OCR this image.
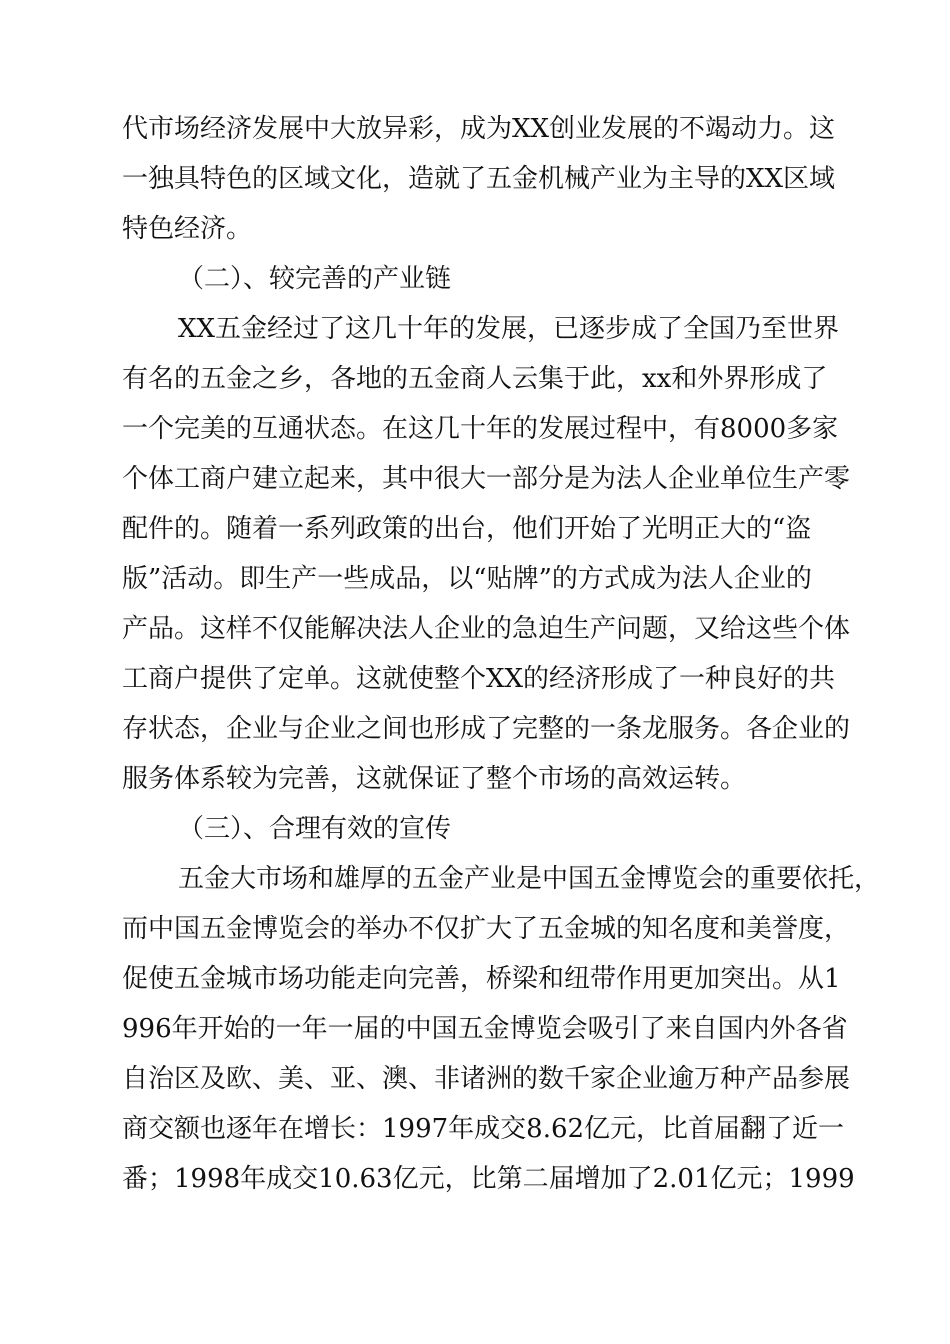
代市场经济发展中大放异彩，成为XX创业发展的不竭动力。这
一独具特色的区域文化，造就了五金机械产业为主导的XX区域
特色经济。
（二）、较完善的产业链
XX五金经过了这几十年的发展，已逐步成了全国乃至世界
有名的五金之乡，各地的五金商人云集于此，xx和外界形成了
一个完美的互通状态。在这几十年的发展过程中，有8000多家
个体工商户建立起来，其中很大一部分是为法人企业单位生产零
配件的。随着一系列政策的出台，他们开始了光明正大的“盗
版”活动。即生产一些成品，以“贴牌”的方式成为法人企业的
产品。这样不仅能解决法人企业的急迫生产问题，又给这些个体
工商户提供了定单。这就使整个XX的经济形成了一种良好的共
存状态，企业与企业之间也形成了完整的一条龙服务。各企业的
服务体系较为完善，这就保证了整个市场的高效运转。
（三）、合理有效的宣传
五金大市场和雄厚的五金产业是中国五金博览会的重要依托，
而中国五金博览会的举办不仅扩大了五金城的知名度和美誉度，
促使五金城市场功能走向完善，桥梁和纽带作用更加突出。从1
996年开始的一年一届的中国五金博览会吸引了来自国内外各省
自治区及欧、美、亚、澳、非诸洲的数千家企业逾万种产品参展
商交额也逐年在增长：1997年成交8.62亿元，比首届翻了近一
番；1998年成交10.63亿元，比第二届增加了2.01亿元；1999
